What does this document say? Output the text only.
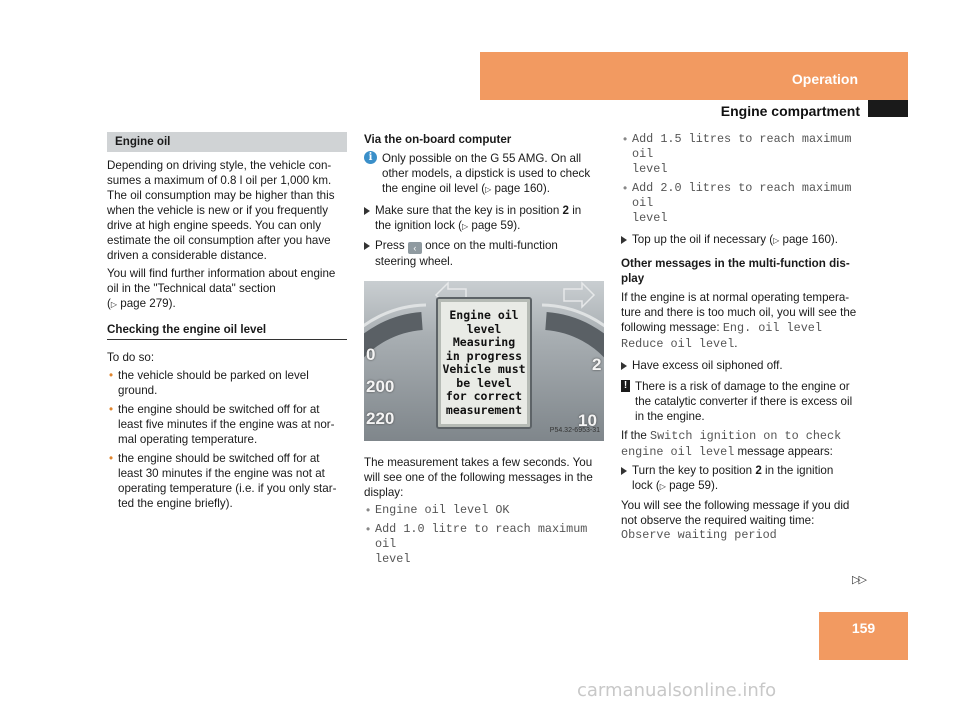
Operation
Engine compartment
Engine oil
Depending on driving style, the vehicle con-
sumes a maximum of 0.8 l oil per 1,000 km.
The oil consumption may be higher than this
when the vehicle is new or if you frequently
drive at high engine speeds. You can only
estimate the oil consumption after you have
driven a considerable distance.
You will find further information about engine
oil in the "Technical data" section
(▷ page 279).
Checking the engine oil level
To do so:
• the vehicle should be parked on level
ground.
• the engine should be switched off for at
least five minutes if the engine was at nor-
mal operating temperature.
• the engine should be switched off for at
least 30 minutes if the engine was not at
operating temperature (i.e. if you only star-
ted the engine briefly).
Via the on-board computer
i Only possible on the G 55 AMG. On all
other models, a dipstick is used to check
the engine oil level (▷ page 160).
Make sure that the key is in position 2 in
the ignition lock (▷ page 59).
Press ‹ once on the multi-function
steering wheel.
0
200
220
2
10
Engine oil
level
Measuring
in progress
Vehicle must
be level
for correct
measurement
P54.32-6953-31
The measurement takes a few seconds. You
will see one of the following messages in the
display:
• Engine oil level OK
• Add 1.0 litre to reach maximum oil
level
• Add 1.5 litres to reach maximum oil
level
• Add 2.0 litres to reach maximum oil
level
Top up the oil if necessary (▷ page 160).
Other messages in the multi-function dis-
play
If the engine is at normal operating tempera-
ture and there is too much oil, you will see the
following message: Eng. oil level
Reduce oil level.
Have excess oil siphoned off.
! There is a risk of damage to the engine or
the catalytic converter if there is excess oil
in the engine.
If the Switch ignition on to check
engine oil level message appears:
Turn the key to position 2 in the ignition
lock (▷ page 59).
You will see the following message if you did
not observe the required waiting time:
Observe waiting period
▷▷
159
carmanualsonline.info
